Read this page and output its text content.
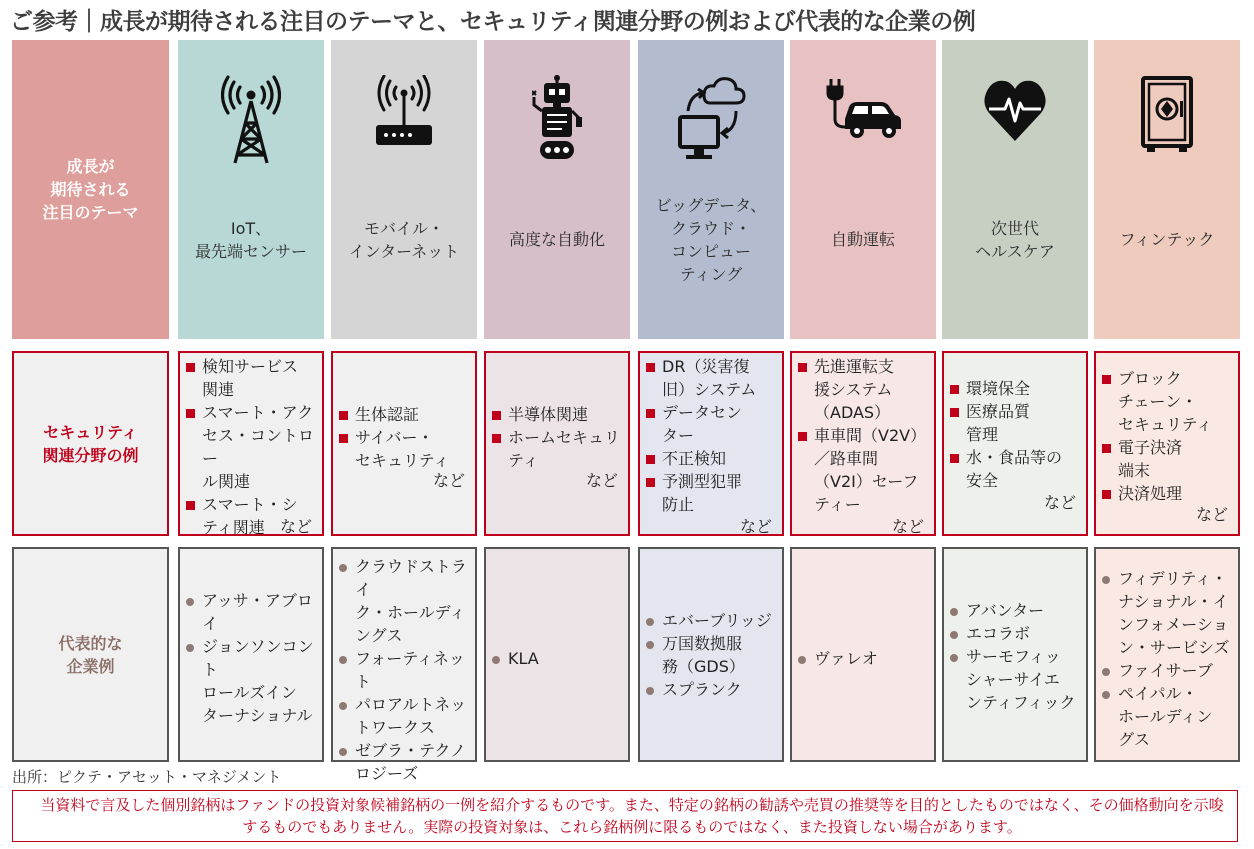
ご参考｜成長が期待される注目のテーマと、セキュリティ関連分野の例および代表的な企業の例
成長が
期待される
注目のテーマ
セキュリティ
関連分野の例
代表的な
企業例
IoT、
最先端センサー
検知サービス
関連
スマート・アク
セス・コントロー
ル関連
スマート・シ
ティ関連 など
アッサ・アブロ
イ
ジョンソンコント
ロールズイン
ターナショナル
モバイル・
インターネット
生体認証
サイバー・
セキュリティ
など
クラウドストライ
ク・ホールディ
ングス
フォーティネッ
ト
パロアルトネッ
トワークス
ゼブラ・テクノ
ロジーズ
高度な自動化
半導体関連
ホームセキュリ
ティ
など
KLA
ビッグデータ、
クラウド・
コンピュー
ティング
DR（災害復
旧）システム
データセン
ター
不正検知
予測型犯罪
防止
など
エバーブリッジ
万国数拠服
務（GDS）
スプランク
自動運転
先進運転支
援システム
（ADAS）
車車間（V2V）
／路車間
（V2I）セーフ
ティー
など
ヴァレオ
次世代
ヘルスケア
環境保全
医療品質
管理
水・食品等の
安全
など
アバンター
エコラボ
サーモフィッ
シャーサイエ
ンティフィック
フィンテック
ブロック
チェーン・
セキュリティ
電子決済
端末
決済処理
など
フィデリティ・
ナショナル・イ
ンフォメーショ
ン・サービシズ
ファイサーブ
ペイパル・
ホールディン
グス
出所：ピクテ・アセット・マネジメント
当資料で言及した個別銘柄はファンドの投資対象候補銘柄の一例を紹介するものです。また、特定の銘柄の勧誘や売買の推奨等を目的としたものではなく、その価格動向を示唆するものでもありません。実際の投資対象は、これら銘柄例に限るものではなく、また投資しない場合があります。
